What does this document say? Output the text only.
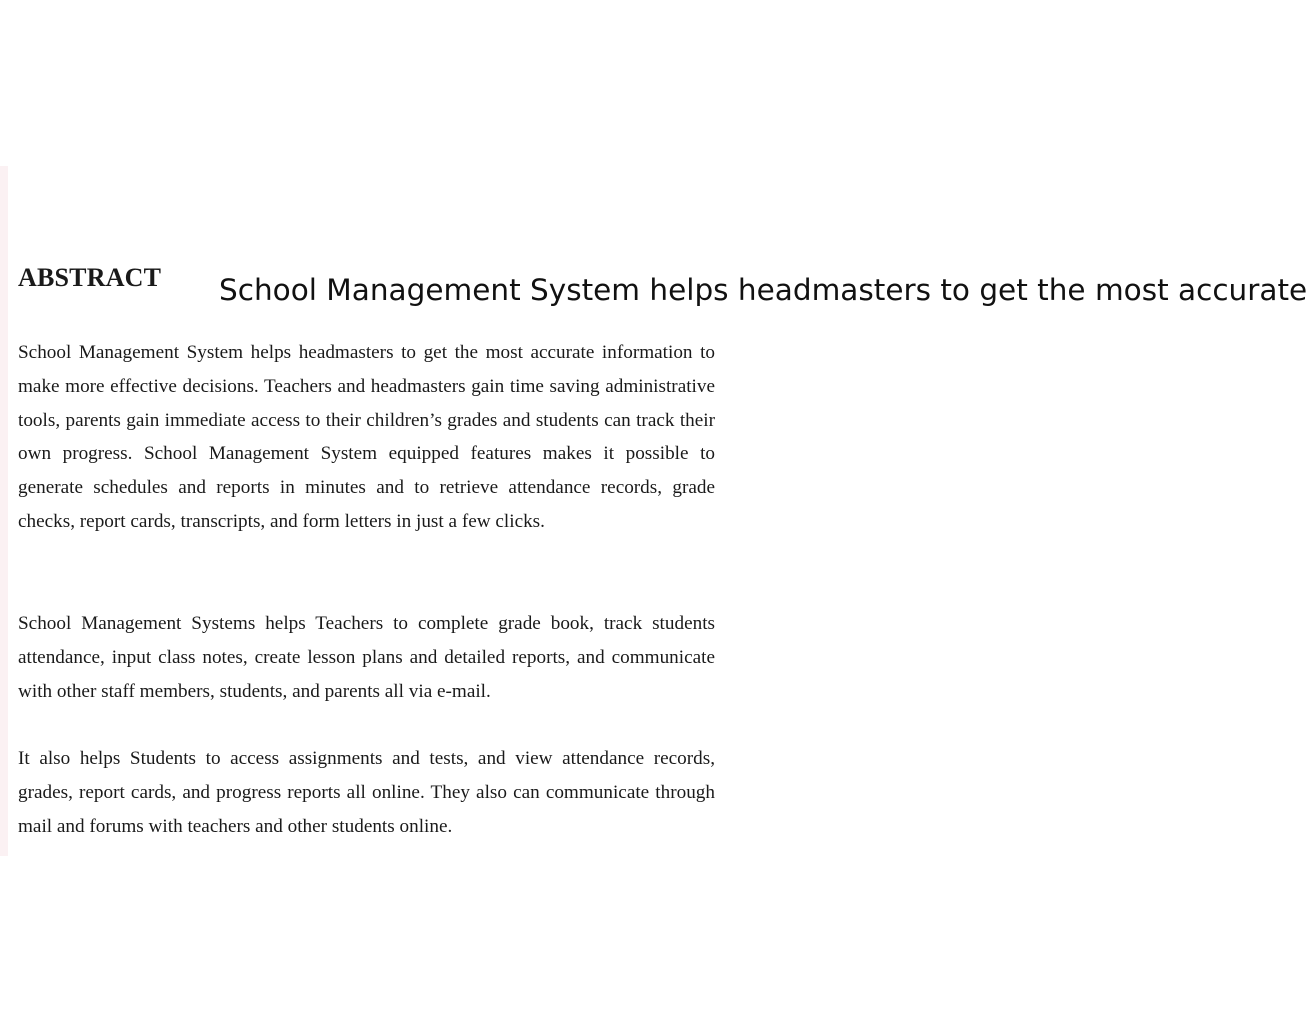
ABSTRACT School Management System helps headmasters to get the most accurate

School Management System helps headmasters to get the most accurate information to make more effective decisions. Teachers and headmasters gain time saving administrative tools, parents gain immediate access to their children’s grades and students can track their own progress. School Management System equipped features makes it possible to generate schedules and reports in minutes and to retrieve attendance records, grade checks, report cards, transcripts, and form letters in just a few clicks.

School Management Systems helps Teachers to complete grade book, track students attendance, input class notes, create lesson plans and detailed reports, and communicate with other staff members, students, and parents all via e-mail.

It also helps Students to access assignments and tests, and view attendance records, grades, report cards, and progress reports all online. They also can communicate through mail and forums with teachers and other students online.
